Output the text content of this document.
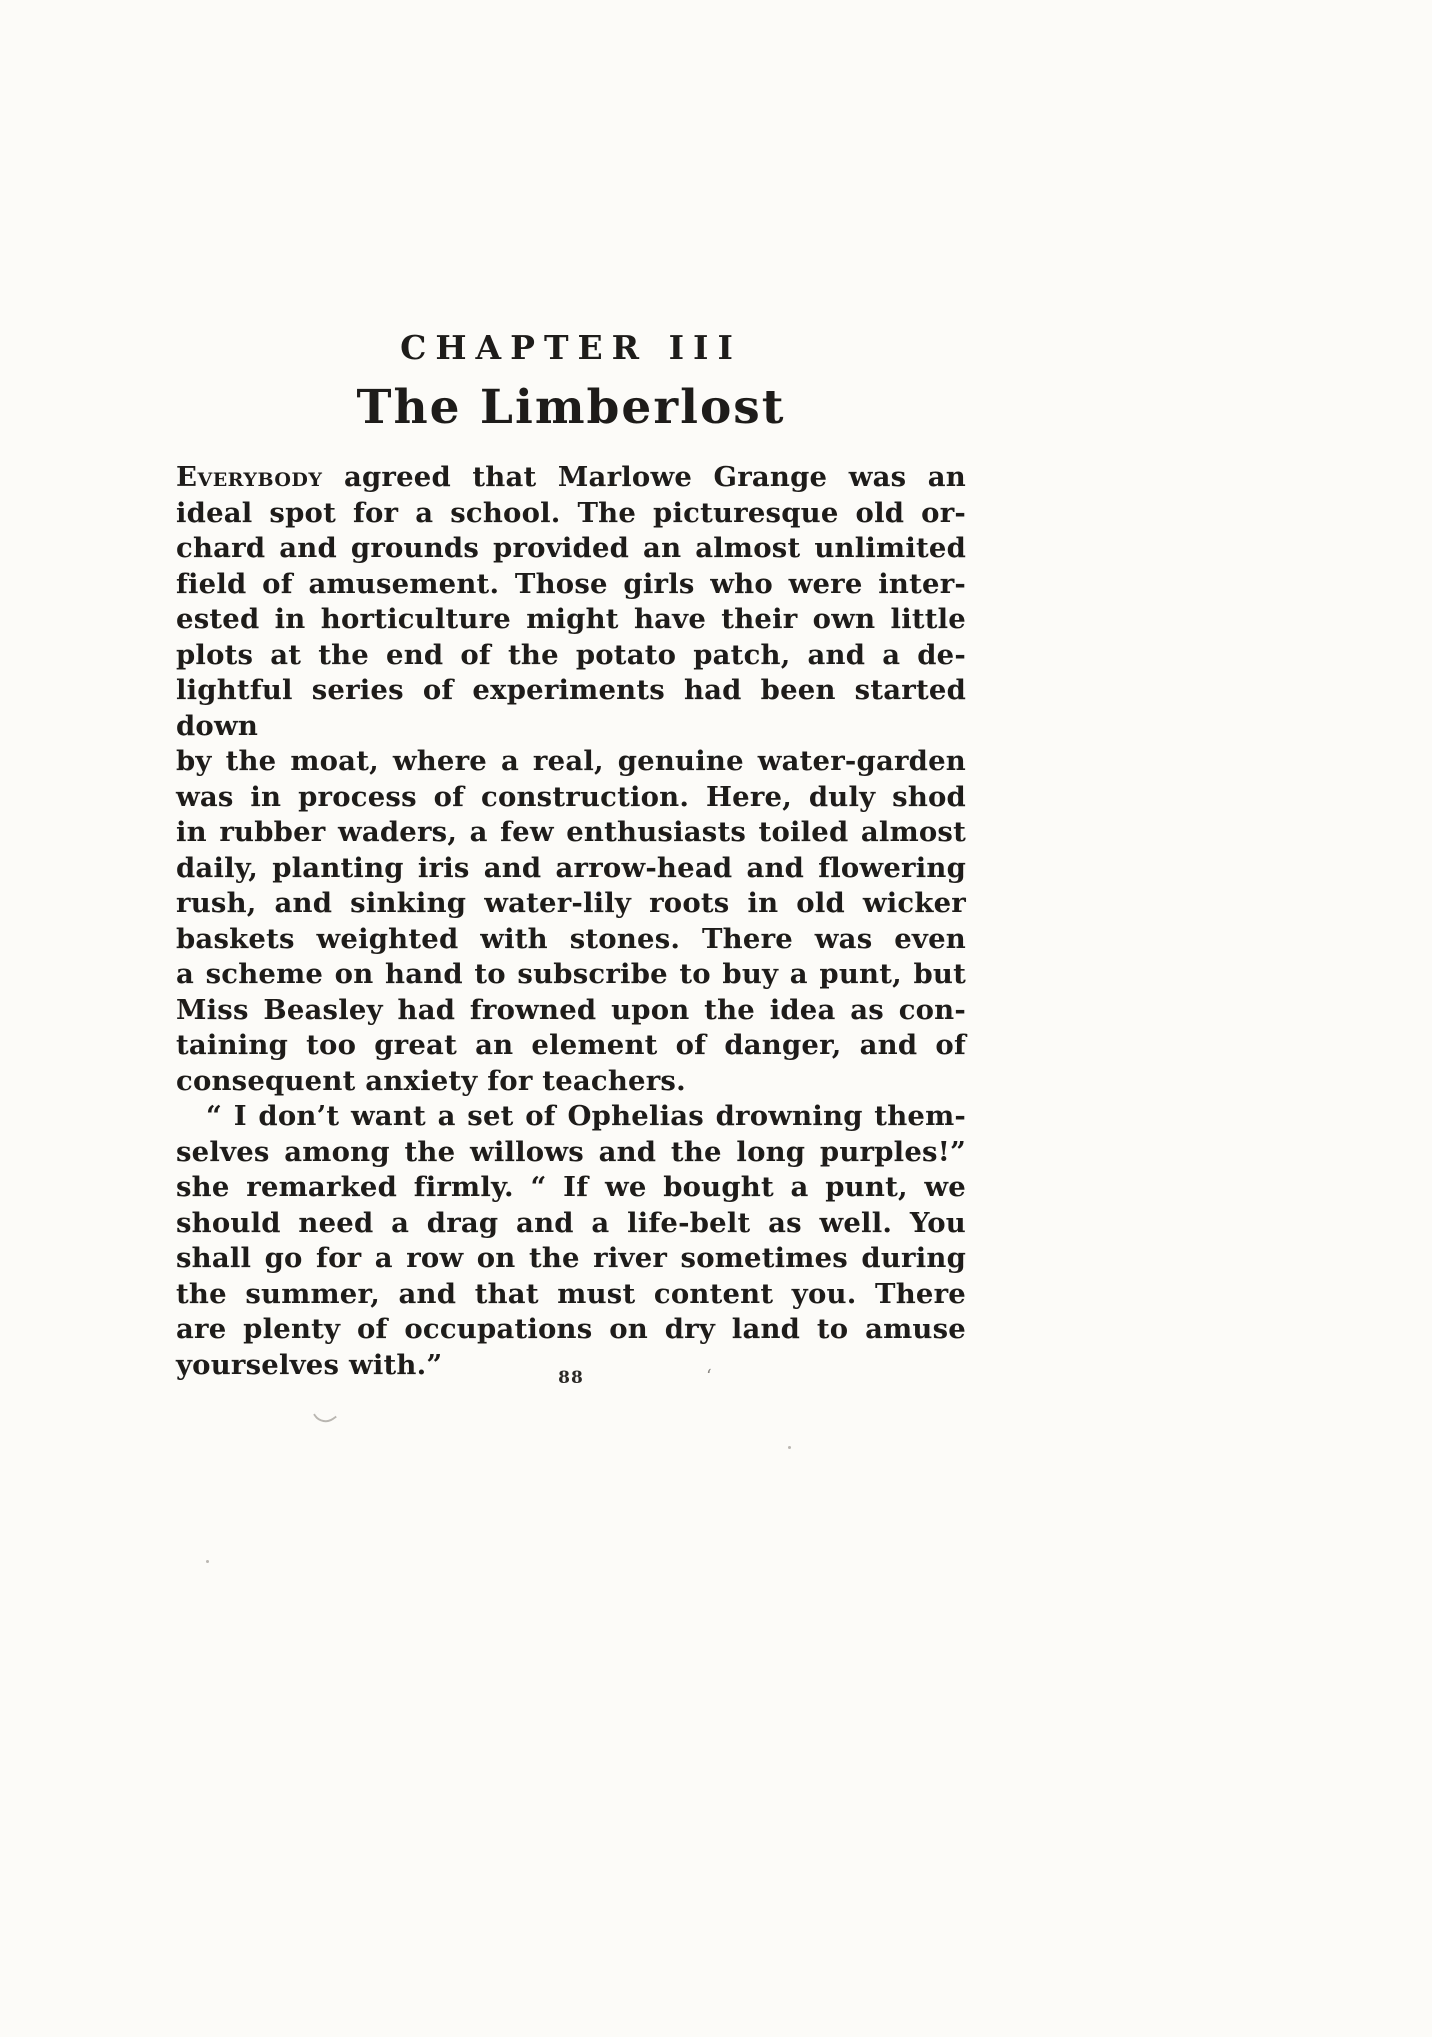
CHAPTER III
The Limberlost
Everybody agreed that Marlowe Grange was an
ideal spot for a school. The picturesque old or-
chard and grounds provided an almost unlimited
field of amusement. Those girls who were inter-
ested in horticulture might have their own little
plots at the end of the potato patch, and a de-
lightful series of experiments had been started down
by the moat, where a real, genuine water-garden
was in process of construction. Here, duly shod
in rubber waders, a few enthusiasts toiled almost
daily, planting iris and arrow-head and flowering
rush, and sinking water-lily roots in old wicker
baskets weighted with stones. There was even
a scheme on hand to subscribe to buy a punt, but
Miss Beasley had frowned upon the idea as con-
taining too great an element of danger, and of
consequent anxiety for teachers.
“ I don’t want a set of Ophelias drowning them-
selves among the willows and the long purples!”
she remarked firmly. “ If we bought a punt, we
should need a drag and a life-belt as well. You
shall go for a row on the river sometimes during
the summer, and that must content you. There
are plenty of occupations on dry land to amuse
yourselves with.”	88	‘
